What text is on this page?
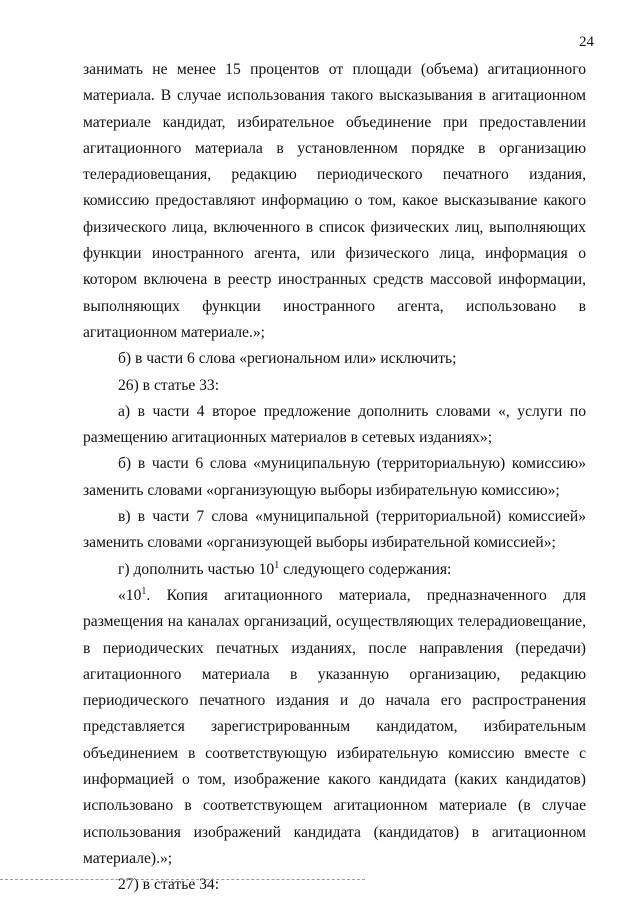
24

занимать не менее 15 процентов от площади (объема) агитационного материала. В случае использования такого высказывания в агитационном материале кандидат, избирательное объединение при предоставлении агитационного материала в установленном порядке в организацию телерадиовещания, редакцию периодического печатного издания, комиссию предоставляют информацию о том, какое высказывание какого физического лица, включенного в список физических лиц, выполняющих функции иностранного агента, или физического лица, информация о котором включена в реестр иностранных средств массовой информации, выполняющих функции иностранного агента, использовано в агитационном материале.»;

б) в части 6 слова «региональном или» исключить;

26) в статье 33:

а) в части 4 второе предложение дополнить словами «, услуги по размещению агитационных материалов в сетевых изданиях»;

б) в части 6 слова «муниципальную (территориальную) комиссию» заменить словами «организующую выборы избирательную комиссию»;

в) в части 7 слова «муниципальной (территориальной) комиссией» заменить словами «организующей выборы избирательной комиссией»;

г) дополнить частью $10^1$ следующего содержания:

«$10^1$. Копия агитационного материала, предназначенного для размещения на каналах организаций, осуществляющих телерадиовещание, в периодических печатных изданиях, после направления (передачи) агитационного материала в указанную организацию, редакцию периодического печатного издания и до начала его распространения представляется зарегистрированным кандидатом, избирательным объединением в соответствующую избирательную комиссию вместе с информацией о том, изображение какого кандидата (каких кандидатов) использовано в соответствующем агитационном материале (в случае использования изображений кандидата (кандидатов) в агитационном материале).»;

27) в статье 34:
